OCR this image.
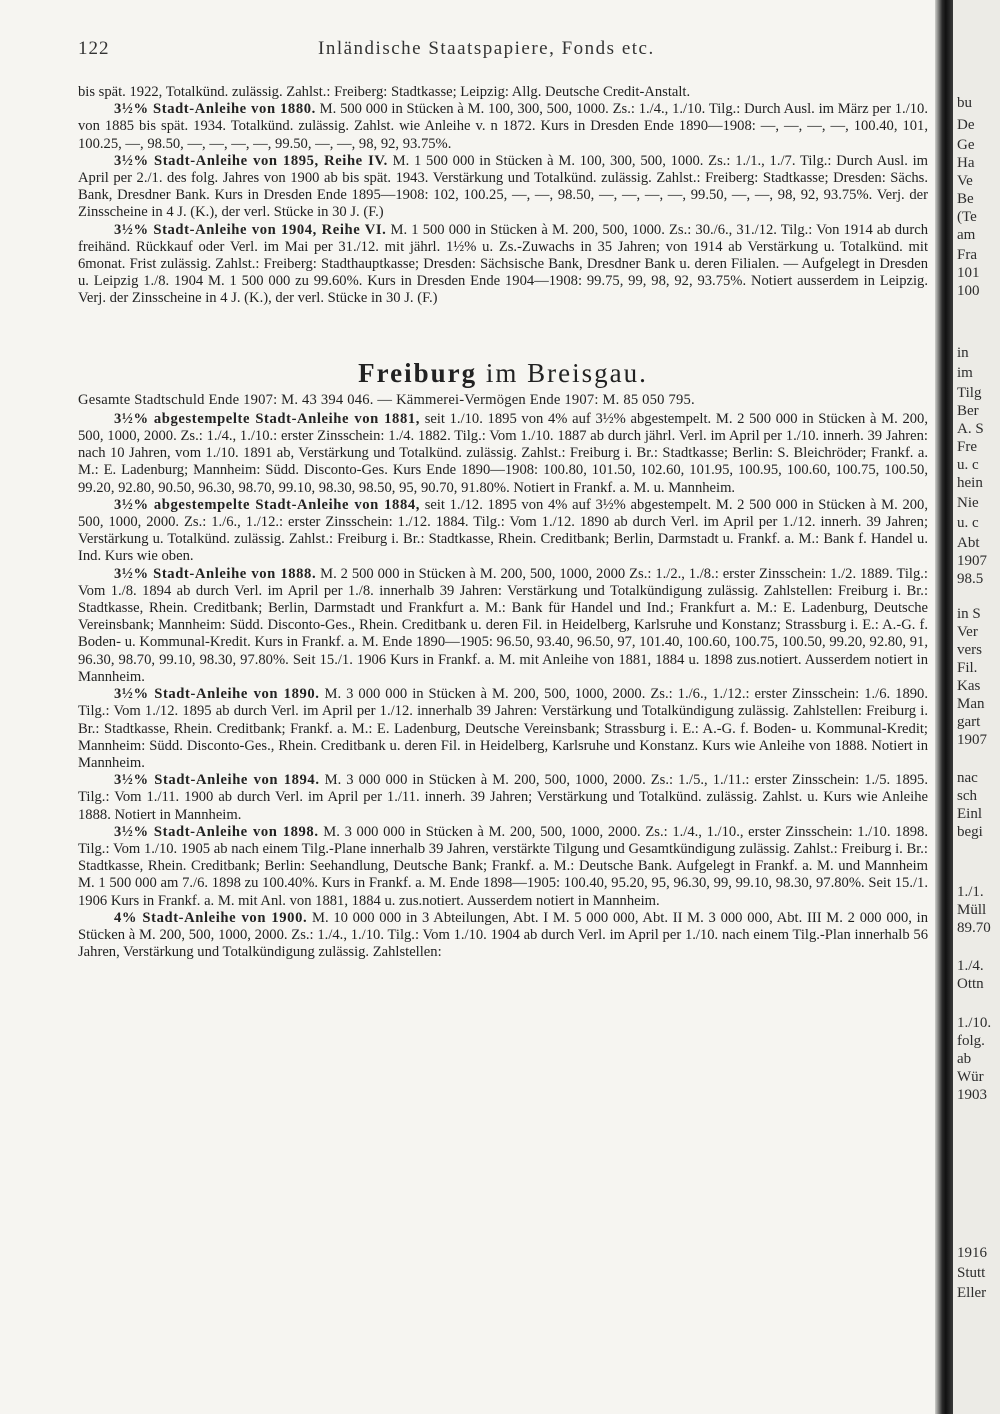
bu
De
Ge
Ha
Ve
Be
(Te
am
Fra
101
100
in
im
Tilg
Ber
A. S
Fre
u. c
hein
Nie
u. c
Abt
1907
98.5
in S
Ver
vers
Fil.
Kas
Man
gart
1907
nac
sch
Einl
begi
1./1.
Müll
89.70
1./4.
Ottn
1./10.
folg.
ab
Wür
1903
1916
Stutt
Eller
122	Inländische Staatspapiere, Fonds etc.

bis spät. 1922, Totalkünd. zulässig. Zahlst.: Freiberg: Stadtkasse; Leipzig: Allg. Deutsche Credit-Anstalt.

3½% Stadt-Anleihe von 1880. M. 500 000 in Stücken à M. 100, 300, 500, 1000. Zs.: 1./4., 1./10. Tilg.: Durch Ausl. im März per 1./10. von 1885 bis spät. 1934. Totalkünd. zulässig. Zahlst. wie Anleihe v. n 1872. Kurs in Dresden Ende 1890—1908: —, —, —, —, 100.40, 101, 100.25, —, 98.50, —, —, —, —, 99.50, —, —, 98, 92, 93.75%.

3½% Stadt-Anleihe von 1895, Reihe IV. M. 1 500 000 in Stücken à M. 100, 300, 500, 1000. Zs.: 1./1., 1./7. Tilg.: Durch Ausl. im April per 2./1. des folg. Jahres von 1900 ab bis spät. 1943. Verstärkung und Totalkünd. zulässig. Zahlst.: Freiberg: Stadtkasse; Dresden: Sächs. Bank, Dresdner Bank. Kurs in Dresden Ende 1895—1908: 102, 100.25, —, —, 98.50, —, —, —, —, 99.50, —, —, 98, 92, 93.75%. Verj. der Zinsscheine in 4 J. (K.), der verl. Stücke in 30 J. (F.)

3½% Stadt-Anleihe von 1904, Reihe VI. M. 1 500 000 in Stücken à M. 200, 500, 1000. Zs.: 30./6., 31./12. Tilg.: Von 1914 ab durch freihänd. Rückkauf oder Verl. im Mai per 31./12. mit jährl. 1½% u. Zs.-Zuwachs in 35 Jahren; von 1914 ab Verstärkung u. Totalkünd. mit 6monat. Frist zulässig. Zahlst.: Freiberg: Stadthauptkasse; Dresden: Sächsische Bank, Dresdner Bank u. deren Filialen. — Aufgelegt in Dresden u. Leipzig 1./8. 1904 M. 1 500 000 zu 99.60%. Kurs in Dresden Ende 1904—1908: 99.75, 99, 98, 92, 93.75%. Notiert ausserdem in Leipzig. Verj. der Zinsscheine in 4 J. (K.), der verl. Stücke in 30 J. (F.)

Freiburg im Breisgau.

Gesamte Stadtschuld Ende 1907: M. 43 394 046. — Kämmerei-Vermögen Ende 1907: M. 85 050 795.

3½% abgestempelte Stadt-Anleihe von 1881, seit 1./10. 1895 von 4% auf 3½% abgestempelt. M. 2 500 000 in Stücken à M. 200, 500, 1000, 2000. Zs.: 1./4., 1./10.: erster Zinsschein: 1./4. 1882. Tilg.: Vom 1./10. 1887 ab durch jährl. Verl. im April per 1./10. innerh. 39 Jahren: nach 10 Jahren, vom 1./10. 1891 ab, Verstärkung und Totalkünd. zulässig. Zahlst.: Freiburg i. Br.: Stadtkasse; Berlin: S. Bleichröder; Frankf. a. M.: E. Ladenburg; Mannheim: Südd. Disconto-Ges. Kurs Ende 1890—1908: 100.80, 101.50, 102.60, 101.95, 100.95, 100.60, 100.75, 100.50, 99.20, 92.80, 90.50, 96.30, 98.70, 99.10, 98.30, 98.50, 95, 90.70, 91.80%. Notiert in Frankf. a. M. u. Mannheim.

3½% abgestempelte Stadt-Anleihe von 1884, seit 1./12. 1895 von 4% auf 3½% abgestempelt. M. 2 500 000 in Stücken à M. 200, 500, 1000, 2000. Zs.: 1./6., 1./12.: erster Zinsschein: 1./12. 1884. Tilg.: Vom 1./12. 1890 ab durch Verl. im April per 1./12. innerh. 39 Jahren; Verstärkung u. Totalkünd. zulässig. Zahlst.: Freiburg i. Br.: Stadtkasse, Rhein. Creditbank; Berlin, Darmstadt u. Frankf. a. M.: Bank f. Handel u. Ind. Kurs wie oben.

3½% Stadt-Anleihe von 1888. M. 2 500 000 in Stücken à M. 200, 500, 1000, 2000 Zs.: 1./2., 1./8.: erster Zinsschein: 1./2. 1889. Tilg.: Vom 1./8. 1894 ab durch Verl. im April per 1./8. innerhalb 39 Jahren: Verstärkung und Totalkündigung zulässig. Zahlstellen: Freiburg i. Br.: Stadtkasse, Rhein. Creditbank; Berlin, Darmstadt und Frankfurt a. M.: Bank für Handel und Ind.; Frankfurt a. M.: E. Ladenburg, Deutsche Vereinsbank; Mannheim: Südd. Disconto-Ges., Rhein. Creditbank u. deren Fil. in Heidelberg, Karlsruhe und Konstanz; Strassburg i. E.: A.-G. f. Boden- u. Kommunal-Kredit. Kurs in Frankf. a. M. Ende 1890—1905: 96.50, 93.40, 96.50, 97, 101.40, 100.60, 100.75, 100.50, 99.20, 92.80, 91, 96.30, 98.70, 99.10, 98.30, 97.80%. Seit 15./1. 1906 Kurs in Frankf. a. M. mit Anleihe von 1881, 1884 u. 1898 zus.notiert. Ausserdem notiert in Mannheim.

3½% Stadt-Anleihe von 1890. M. 3 000 000 in Stücken à M. 200, 500, 1000, 2000. Zs.: 1./6., 1./12.: erster Zinsschein: 1./6. 1890. Tilg.: Vom 1./12. 1895 ab durch Verl. im April per 1./12. innerhalb 39 Jahren: Verstärkung und Totalkündigung zulässig. Zahlstellen: Freiburg i. Br.: Stadtkasse, Rhein. Creditbank; Frankf. a. M.: E. Ladenburg, Deutsche Vereinsbank; Strassburg i. E.: A.-G. f. Boden- u. Kommunal-Kredit; Mannheim: Südd. Disconto-Ges., Rhein. Creditbank u. deren Fil. in Heidelberg, Karlsruhe und Konstanz. Kurs wie Anleihe von 1888. Notiert in Mannheim.

3½% Stadt-Anleihe von 1894. M. 3 000 000 in Stücken à M. 200, 500, 1000, 2000. Zs.: 1./5., 1./11.: erster Zinsschein: 1./5. 1895. Tilg.: Vom 1./11. 1900 ab durch Verl. im April per 1./11. innerh. 39 Jahren; Verstärkung und Totalkünd. zulässig. Zahlst. u. Kurs wie Anleihe 1888. Notiert in Mannheim.

3½% Stadt-Anleihe von 1898. M. 3 000 000 in Stücken à M. 200, 500, 1000, 2000. Zs.: 1./4., 1./10., erster Zinsschein: 1./10. 1898. Tilg.: Vom 1./10. 1905 ab nach einem Tilg.-Plane innerhalb 39 Jahren, verstärkte Tilgung und Gesamtkündigung zulässig. Zahlst.: Freiburg i. Br.: Stadtkasse, Rhein. Creditbank; Berlin: Seehandlung, Deutsche Bank; Frankf. a. M.: Deutsche Bank. Aufgelegt in Frankf. a. M. und Mannheim M. 1 500 000 am 7./6. 1898 zu 100.40%. Kurs in Frankf. a. M. Ende 1898—1905: 100.40, 95.20, 95, 96.30, 99, 99.10, 98.30, 97.80%. Seit 15./1. 1906 Kurs in Frankf. a. M. mit Anl. von 1881, 1884 u. zus.notiert. Ausserdem notiert in Mannheim.

4% Stadt-Anleihe von 1900. M. 10 000 000 in 3 Abteilungen, Abt. I M. 5 000 000, Abt. II M. 3 000 000, Abt. III M. 2 000 000, in Stücken à M. 200, 500, 1000, 2000. Zs.: 1./4., 1./10. Tilg.: Vom 1./10. 1904 ab durch Verl. im April per 1./10. nach einem Tilg.-Plan innerhalb 56 Jahren, Verstärkung und Totalkündigung zulässig. Zahlstellen:
